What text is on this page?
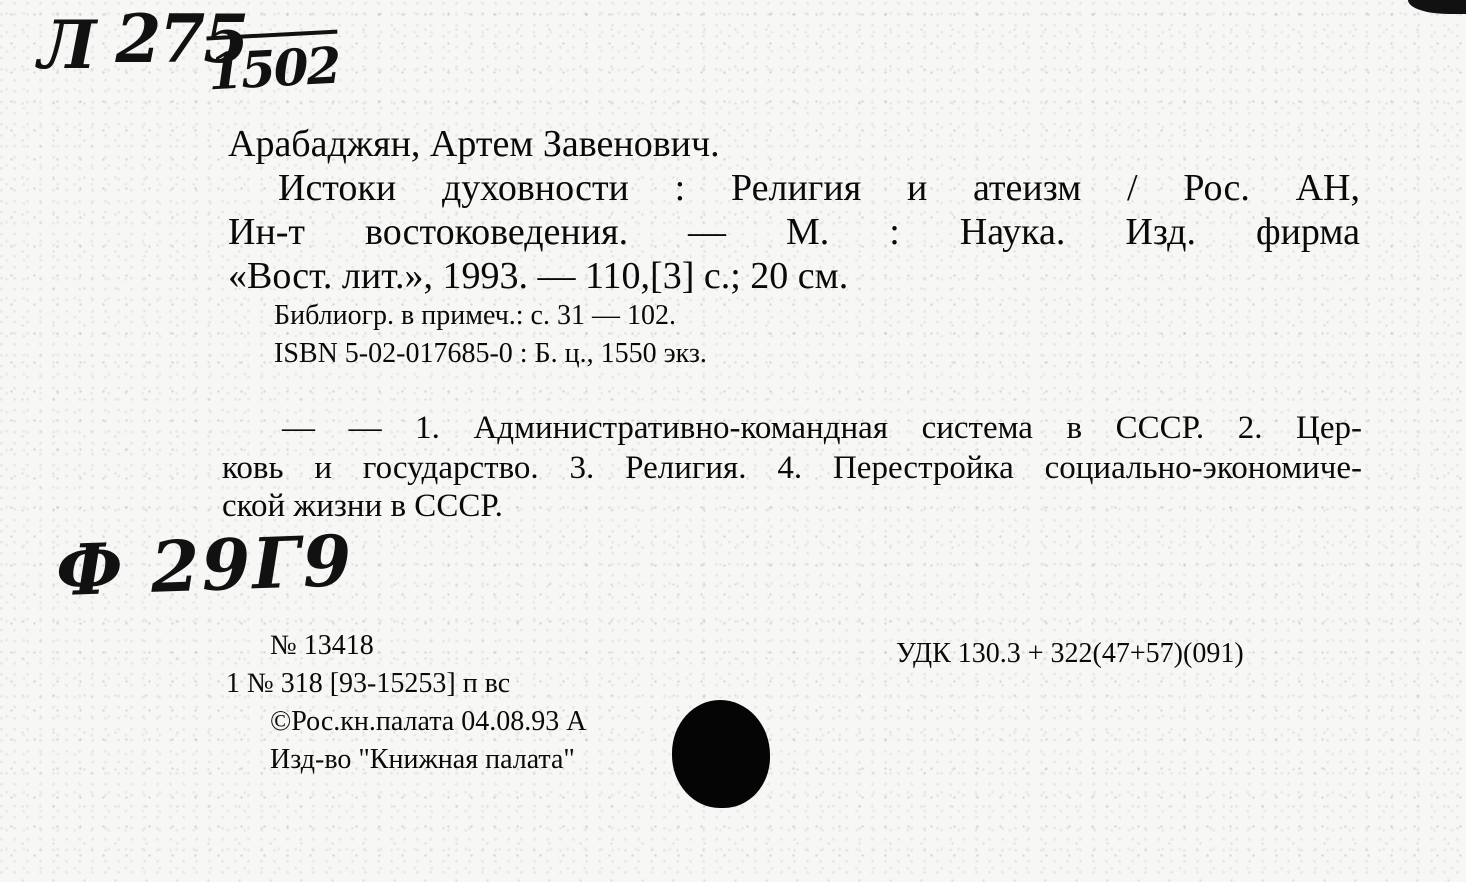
Л 275 1502
Арабаджян, Артем Завенович.
Истоки духовности : Религия и атеизм / Рос. АН,
Ин-т востоковедения. — М. : Наука. Изд. фирма
«Вост. лит.», 1993. — 110,[3] с.; 20 см.
Библиогр. в примеч.: с. 31 — 102.
ISBN 5-02-017685-0 : Б. ц., 1550 экз.
— — 1. Административно-командная система в СССР. 2. Цер-
ковь и государство. 3. Религия. 4. Перестройка социально-экономиче-
ской жизни в СССР.
Ф 29Г9
№ 13418	УДК 130.3 + 322(47+57)(091)
1 № 318 [93-15253] п вс
©Рос.кн.палата 04.08.93 А
Изд-во "Книжная палата"
